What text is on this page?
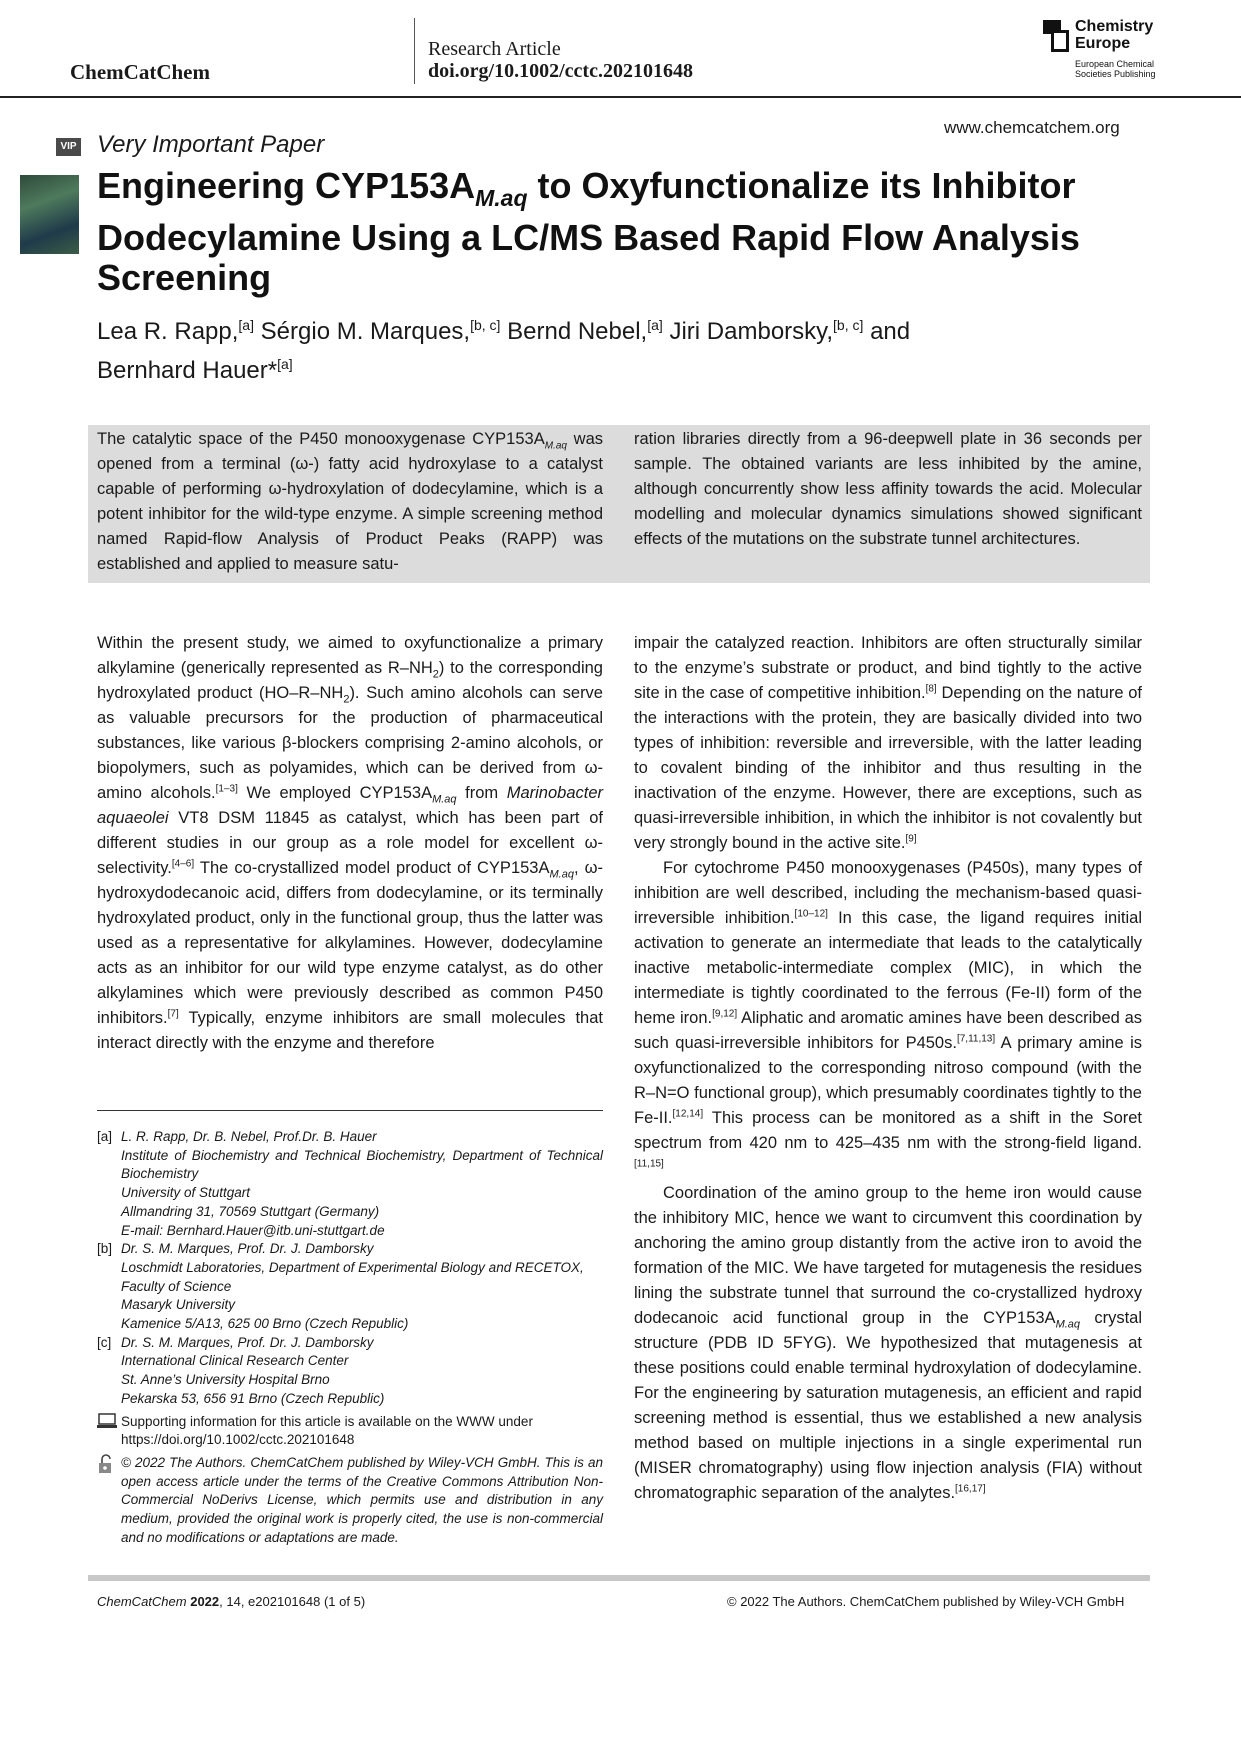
ChemCatChem
Research Article
doi.org/10.1002/cctc.202101648
Chemistry
Europe
European Chemical
Societies Publishing
www.chemcatchem.org
VIP Very Important Paper
Engineering $CYP153A_{M.aq}$ to Oxyfunctionalize its Inhibitor Dodecylamine Using a LC/MS Based Rapid Flow Analysis Screening
Lea R. Rapp,[a] Sérgio M. Marques,[b, c] Bernd Nebel,[a] Jiri Damborsky,[b, c] and
Bernhard Hauer*[a]
The catalytic space of the P450 monooxygenase $CYP153A_{M.aq}$ was opened from a terminal (ω-) fatty acid hydroxylase to a catalyst capable of performing ω-hydroxylation of dodecylamine, which is a potent inhibitor for the wild-type enzyme. A simple screening method named Rapid-flow Analysis of Product Peaks (RAPP) was established and applied to measure satu-
ration libraries directly from a 96-deepwell plate in 36 seconds per sample. The obtained variants are less inhibited by the amine, although concurrently show less affinity towards the acid. Molecular modelling and molecular dynamics simulations showed significant effects of the mutations on the substrate tunnel architectures.

Within the present study, we aimed to oxyfunctionalize a primary alkylamine (generically represented as $R-NH_2$) to the corresponding hydroxylated product $(HO-R-NH_2)$. Such amino alcohols can serve as valuable precursors for the production of pharmaceutical substances, like various β-blockers comprising 2-amino alcohols, or biopolymers, such as polyamides, which can be derived from ω-amino alcohols.[1–3] We employed $CYP153A_{M.aq}$ from Marinobacter aquaeolei VT8 DSM 11845 as catalyst, which has been part of different studies in our group as a role model for excellent ω-selectivity.[4–6] The co-crystallized model product of $CYP153A_{M.aq}$, ω-hydroxydodecanoic acid, differs from dodecylamine, or its terminally hydroxylated product, only in the functional group, thus the latter was used as a representative for alkylamines. However, dodecylamine acts as an inhibitor for our wild type enzyme catalyst, as do other alkylamines which were previously described as common P450 inhibitors.[7] Typically, enzyme inhibitors are small molecules that interact directly with the enzyme and therefore

impair the catalyzed reaction. Inhibitors are often structurally similar to the enzyme’s substrate or product, and bind tightly to the active site in the case of competitive inhibition.[8] Depending on the nature of the interactions with the protein, they are basically divided into two types of inhibition: reversible and irreversible, with the latter leading to covalent binding of the inhibitor and thus resulting in the inactivation of the enzyme. However, there are exceptions, such as quasi-irreversible inhibition, in which the inhibitor is not covalently but very strongly bound in the active site.[9]

For cytochrome P450 monooxygenases (P450s), many types of inhibition are well described, including the mechanism-based quasi-irreversible inhibition.[10–12] In this case, the ligand requires initial activation to generate an intermediate that leads to the catalytically inactive metabolic-intermediate complex (MIC), in which the intermediate is tightly coordinated to the ferrous (Fe-II) form of the heme iron.[9,12] Aliphatic and aromatic amines have been described as such quasi-irreversible inhibitors for P450s.[7,11,13] A primary amine is oxyfunctionalized to the corresponding nitroso compound (with the R–N=O functional group), which presumably coordinates tightly to the Fe-II.[12,14] This process can be monitored as a shift in the Soret spectrum from 420 nm to 425–435 nm with the strong-field ligand.[11,15]

Coordination of the amino group to the heme iron would cause the inhibitory MIC, hence we want to circumvent this coordination by anchoring the amino group distantly from the active iron to avoid the formation of the MIC. We have targeted for mutagenesis the residues lining the substrate tunnel that surround the co-crystallized hydroxy dodecanoic acid functional group in the $CYP153A_{M.aq}$ crystal structure (PDB ID 5FYG). We hypothesized that mutagenesis at these positions could enable terminal hydroxylation of dodecylamine. For the engineering by saturation mutagenesis, an efficient and rapid screening method is essential, thus we established a new analysis method based on multiple injections in a single experimental run (MISER chromatography) using flow injection analysis (FIA) without chromatographic separation of the analytes.[16,17]

[a] L. R. Rapp, Dr. B. Nebel, Prof.Dr. B. Hauer
Institute of Biochemistry and Technical Biochemistry, Department of Technical Biochemistry
University of Stuttgart
Allmandring 31, 70569 Stuttgart (Germany)
E-mail: Bernhard.Hauer@itb.uni-stuttgart.de
[b] Dr. S. M. Marques, Prof. Dr. J. Damborsky
Loschmidt Laboratories, Department of Experimental Biology and RECETOX, Faculty of Science
Masaryk University
Kamenice 5/A13, 625 00 Brno (Czech Republic)
[c] Dr. S. M. Marques, Prof. Dr. J. Damborsky
International Clinical Research Center
St. Anne’s University Hospital Brno
Pekarska 53, 656 91 Brno (Czech Republic)
Supporting information for this article is available on the WWW under https://doi.org/10.1002/cctc.202101648
© 2022 The Authors. ChemCatChem published by Wiley-VCH GmbH. This is an open access article under the terms of the Creative Commons Attribution Non-Commercial NoDerivs License, which permits use and distribution in any medium, provided the original work is properly cited, the use is non-commercial and no modifications or adaptations are made.
ChemCatChem 2022, 14, e202101648 (1 of 5)	© 2022 The Authors. ChemCatChem published by Wiley-VCH GmbH
